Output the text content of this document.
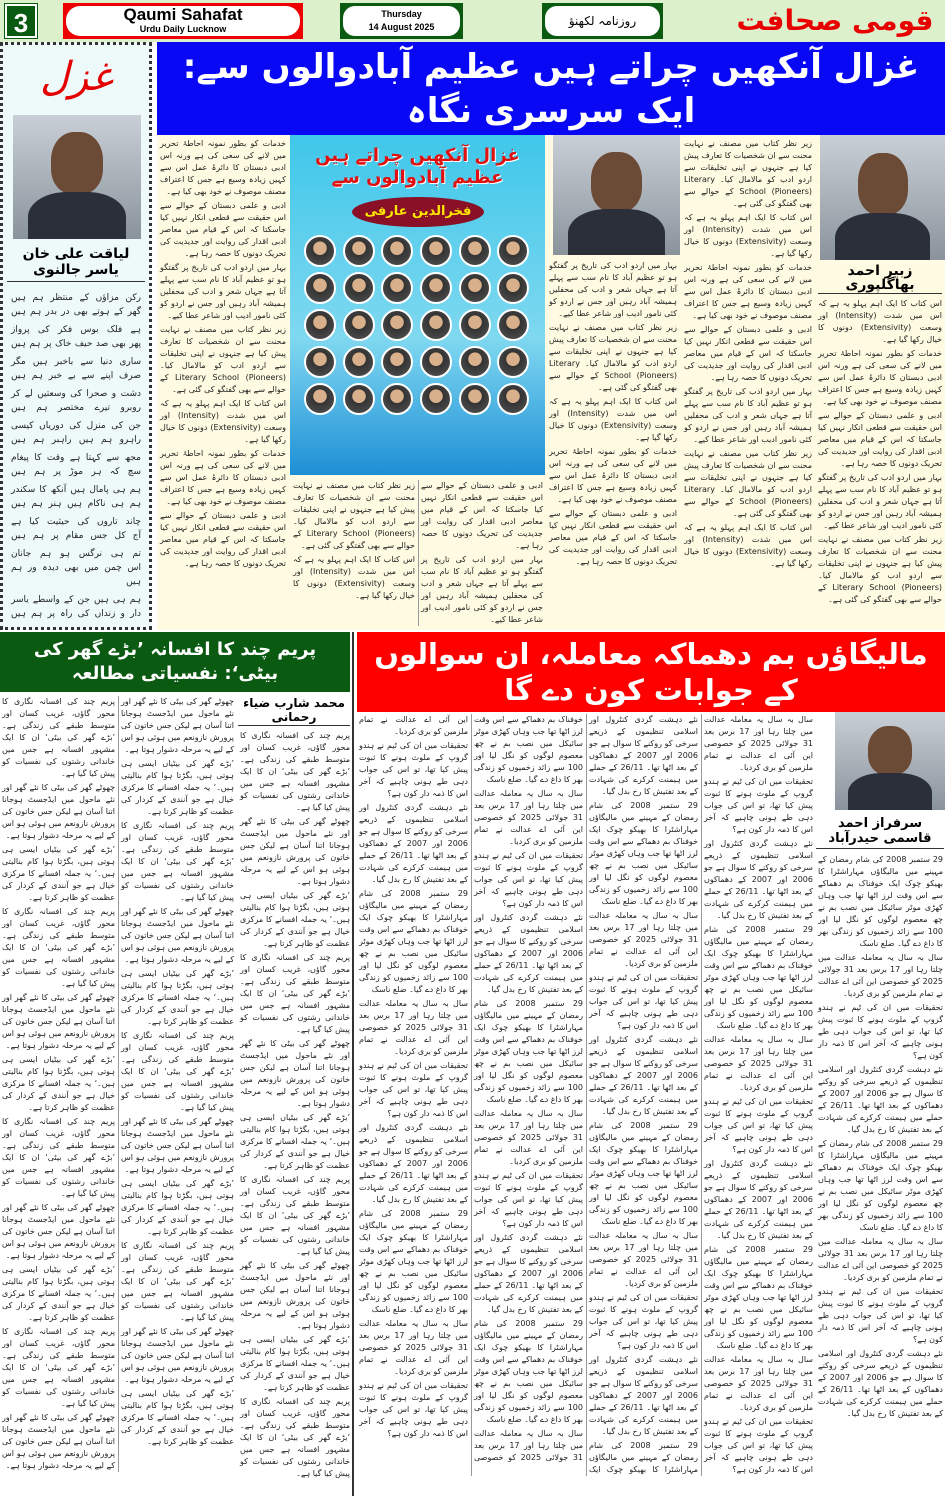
3	Qaumi Sahafat
Urdu Daily Lucknow
Thursday
14 August 2025	روزنامہ لکھنؤ	قومی صحافت
غزل
لیاقت علی خان یاسر جالنوی
رکن مزاؤں کے منتظر ہم ہیں
گھر کے ہوتے بھی در بدر ہم ہیں
ہے فلک بوس فکر کی پرواز
پھر بھی صد حیف خاک پر ہم ہیں
ساری دنیا سے باخبر ہیں مگر
صرف اپنے سے بے خبر ہم ہیں
دشت و صحرا کی وسعتیں لے کر
روبرو تیرے مختصر ہم ہیں
جن کی منزل کی دوریاں کیسی
راہرو ہم ہیں راہبر ہم ہیں
مجھ سے کہتا ہے وقت کا پیغام
سچ کہ ہر موڑ پر ہم ہیں
ہم ہی پامال ہیں آنکھ کا سکندر
ہم ہی ناکام ہیں ہنر ہم ہیں
چاند تاروں کی حیثیت کیا ہے
آج کل جس مقام پر ہم ہیں
تم ہی نرگس ہو ہم جانان
اس چمن میں بھی دیدہ ور ہم ہیں
ہم ہی ہیں جن کے واسطے یاسر
دار و زنداں کی راہ پر ہم ہیں
غزال آنکھیں چراتے ہیں عظیم آبادوالوں سے: ایک سرسری نگاہ

خدمات کو بطور نمونہ احاطۂ تحریر میں لانے کی سعی کی ہے ورنہ اس ادبی دبستان کا دائرۂ عمل اس سے کہیں زیادہ وسیع ہے جس کا اعتراف مصنف موصوف نے خود بھی کیا ہے۔

ادبی و علمی دبستان کے حوالے سے اس حقیقت سے قطعی انکار نہیں کیا جاسکتا کہ اس کے قیام میں معاصر ادبی اقدار کی روایت اور جدیدیت کی تحریک دونوں کا حصہ رہا ہے۔

بہار میں اردو ادب کی تاریخ پر گفتگو ہو تو عظیم آباد کا نام سب سے پہلے آتا ہے جہاں شعر و ادب کی محفلیں ہمیشہ آباد رہیں اور جس نے اردو کو کئی نامور ادیب اور شاعر عطا کیے۔

زیر نظر کتاب میں مصنف نے نہایت محنت سے ان شخصیات کا تعارف پیش کیا ہے جنہوں نے اپنی تخلیقات سے اردو ادب کو مالامال کیا۔ Literary School (Pioneers) کے حوالے سے بھی گفتگو کی گئی ہے۔

اس کتاب کا ایک اہم پہلو یہ ہے کہ اس میں شدت (Intensity) اور وسعت (Extensivity) دونوں کا خیال رکھا گیا ہے۔

خدمات کو بطور نمونہ احاطۂ تحریر میں لانے کی سعی کی ہے ورنہ اس ادبی دبستان کا دائرۂ عمل اس سے کہیں زیادہ وسیع ہے جس کا اعتراف مصنف موصوف نے خود بھی کیا ہے۔

ادبی و علمی دبستان کے حوالے سے اس حقیقت سے قطعی انکار نہیں کیا جاسکتا کہ اس کے قیام میں معاصر ادبی اقدار کی روایت اور جدیدیت کی تحریک دونوں کا حصہ رہا ہے۔

غزال آنکھیں چراتے ہیں عظیم آبادوالوں سے
فخرالدین عارفی

ادبی و علمی دبستان کے حوالے سے اس حقیقت سے قطعی انکار نہیں کیا جاسکتا کہ اس کے قیام میں معاصر ادبی اقدار کی روایت اور جدیدیت کی تحریک دونوں کا حصہ رہا ہے۔

بہار میں اردو ادب کی تاریخ پر گفتگو ہو تو عظیم آباد کا نام سب سے پہلے آتا ہے جہاں شعر و ادب کی محفلیں ہمیشہ آباد رہیں اور جس نے اردو کو کئی نامور ادیب اور شاعر عطا کیے۔

زیر نظر کتاب میں مصنف نے نہایت محنت سے ان شخصیات کا تعارف پیش کیا ہے جنہوں نے اپنی تخلیقات سے اردو ادب کو مالامال کیا۔ Literary School (Pioneers) کے حوالے سے بھی گفتگو کی گئی ہے۔

اس کتاب کا ایک اہم پہلو یہ ہے کہ اس میں شدت (Intensity) اور وسعت (Extensivity) دونوں کا خیال رکھا گیا ہے۔

بہار میں اردو ادب کی تاریخ پر گفتگو ہو تو عظیم آباد کا نام سب سے پہلے آتا ہے جہاں شعر و ادب کی محفلیں ہمیشہ آباد رہیں اور جس نے اردو کو کئی نامور ادیب اور شاعر عطا کیے۔

زیر نظر کتاب میں مصنف نے نہایت محنت سے ان شخصیات کا تعارف پیش کیا ہے جنہوں نے اپنی تخلیقات سے اردو ادب کو مالامال کیا۔ Literary School (Pioneers) کے حوالے سے بھی گفتگو کی گئی ہے۔

اس کتاب کا ایک اہم پہلو یہ ہے کہ اس میں شدت (Intensity) اور وسعت (Extensivity) دونوں کا خیال رکھا گیا ہے۔

خدمات کو بطور نمونہ احاطۂ تحریر میں لانے کی سعی کی ہے ورنہ اس ادبی دبستان کا دائرۂ عمل اس سے کہیں زیادہ وسیع ہے جس کا اعتراف مصنف موصوف نے خود بھی کیا ہے۔

ادبی و علمی دبستان کے حوالے سے اس حقیقت سے قطعی انکار نہیں کیا جاسکتا کہ اس کے قیام میں معاصر ادبی اقدار کی روایت اور جدیدیت کی تحریک دونوں کا حصہ رہا ہے۔

زیر نظر کتاب میں مصنف نے نہایت محنت سے ان شخصیات کا تعارف پیش کیا ہے جنہوں نے اپنی تخلیقات سے اردو ادب کو مالامال کیا۔ Literary School (Pioneers) کے حوالے سے بھی گفتگو کی گئی ہے۔

اس کتاب کا ایک اہم پہلو یہ ہے کہ اس میں شدت (Intensity) اور وسعت (Extensivity) دونوں کا خیال رکھا گیا ہے۔

خدمات کو بطور نمونہ احاطۂ تحریر میں لانے کی سعی کی ہے ورنہ اس ادبی دبستان کا دائرۂ عمل اس سے کہیں زیادہ وسیع ہے جس کا اعتراف مصنف موصوف نے خود بھی کیا ہے۔

ادبی و علمی دبستان کے حوالے سے اس حقیقت سے قطعی انکار نہیں کیا جاسکتا کہ اس کے قیام میں معاصر ادبی اقدار کی روایت اور جدیدیت کی تحریک دونوں کا حصہ رہا ہے۔

بہار میں اردو ادب کی تاریخ پر گفتگو ہو تو عظیم آباد کا نام سب سے پہلے آتا ہے جہاں شعر و ادب کی محفلیں ہمیشہ آباد رہیں اور جس نے اردو کو کئی نامور ادیب اور شاعر عطا کیے۔

زیر نظر کتاب میں مصنف نے نہایت محنت سے ان شخصیات کا تعارف پیش کیا ہے جنہوں نے اپنی تخلیقات سے اردو ادب کو مالامال کیا۔ Literary School (Pioneers) کے حوالے سے بھی گفتگو کی گئی ہے۔

اس کتاب کا ایک اہم پہلو یہ ہے کہ اس میں شدت (Intensity) اور وسعت (Extensivity) دونوں کا خیال رکھا گیا ہے۔

زبیر احمد بھاگلپوری

اس کتاب کا ایک اہم پہلو یہ ہے کہ اس میں شدت (Intensity) اور وسعت (Extensivity) دونوں کا خیال رکھا گیا ہے۔

خدمات کو بطور نمونہ احاطۂ تحریر میں لانے کی سعی کی ہے ورنہ اس ادبی دبستان کا دائرۂ عمل اس سے کہیں زیادہ وسیع ہے جس کا اعتراف مصنف موصوف نے خود بھی کیا ہے۔

ادبی و علمی دبستان کے حوالے سے اس حقیقت سے قطعی انکار نہیں کیا جاسکتا کہ اس کے قیام میں معاصر ادبی اقدار کی روایت اور جدیدیت کی تحریک دونوں کا حصہ رہا ہے۔

بہار میں اردو ادب کی تاریخ پر گفتگو ہو تو عظیم آباد کا نام سب سے پہلے آتا ہے جہاں شعر و ادب کی محفلیں ہمیشہ آباد رہیں اور جس نے اردو کو کئی نامور ادیب اور شاعر عطا کیے۔

زیر نظر کتاب میں مصنف نے نہایت محنت سے ان شخصیات کا تعارف پیش کیا ہے جنہوں نے اپنی تخلیقات سے اردو ادب کو مالامال کیا۔ Literary School (Pioneers) کے حوالے سے بھی گفتگو کی گئی ہے۔

پریم چند کا افسانہ ’بڑے گھر کی بیٹی‘: نفسیاتی مطالعہ
محمد شارب ضیاء رحمانی

پریم چند کی افسانہ نگاری کا محور گاؤں، غریب کسان اور متوسط طبقے کی زندگی ہے۔ ’بڑے گھر کی بیٹی‘ ان کا ایک مشہور افسانہ ہے جس میں خاندانی رشتوں کی نفسیات کو پیش کیا گیا ہے۔

چھوٹے گھر کی بیٹی کا نئے گھر اور نئے ماحول میں ایڈجسٹ ہوجانا اتنا آسان ہے لیکن جس خاتون کی پرورش نازونعم میں ہوئی ہو اس کے لیے یہ مرحلہ دشوار ہوتا ہے۔

’بڑے گھر کی بیٹیاں ایسی ہی ہوتی ہیں، بگڑتا ہوا کام بنالیتی ہیں۔‘ یہ جملہ افسانے کا مرکزی خیال ہے جو آنندی کے کردار کی عظمت کو ظاہر کرتا ہے۔

پریم چند کی افسانہ نگاری کا محور گاؤں، غریب کسان اور متوسط طبقے کی زندگی ہے۔ ’بڑے گھر کی بیٹی‘ ان کا ایک مشہور افسانہ ہے جس میں خاندانی رشتوں کی نفسیات کو پیش کیا گیا ہے۔

چھوٹے گھر کی بیٹی کا نئے گھر اور نئے ماحول میں ایڈجسٹ ہوجانا اتنا آسان ہے لیکن جس خاتون کی پرورش نازونعم میں ہوئی ہو اس کے لیے یہ مرحلہ دشوار ہوتا ہے۔

’بڑے گھر کی بیٹیاں ایسی ہی ہوتی ہیں، بگڑتا ہوا کام بنالیتی ہیں۔‘ یہ جملہ افسانے کا مرکزی خیال ہے جو آنندی کے کردار کی عظمت کو ظاہر کرتا ہے۔

پریم چند کی افسانہ نگاری کا محور گاؤں، غریب کسان اور متوسط طبقے کی زندگی ہے۔ ’بڑے گھر کی بیٹی‘ ان کا ایک مشہور افسانہ ہے جس میں خاندانی رشتوں کی نفسیات کو پیش کیا گیا ہے۔

چھوٹے گھر کی بیٹی کا نئے گھر اور نئے ماحول میں ایڈجسٹ ہوجانا اتنا آسان ہے لیکن جس خاتون کی پرورش نازونعم میں ہوئی ہو اس کے لیے یہ مرحلہ دشوار ہوتا ہے۔

’بڑے گھر کی بیٹیاں ایسی ہی ہوتی ہیں، بگڑتا ہوا کام بنالیتی ہیں۔‘ یہ جملہ افسانے کا مرکزی خیال ہے جو آنندی کے کردار کی عظمت کو ظاہر کرتا ہے۔

پریم چند کی افسانہ نگاری کا محور گاؤں، غریب کسان اور متوسط طبقے کی زندگی ہے۔ ’بڑے گھر کی بیٹی‘ ان کا ایک مشہور افسانہ ہے جس میں خاندانی رشتوں کی نفسیات کو پیش کیا گیا ہے۔

چھوٹے گھر کی بیٹی کا نئے گھر اور نئے ماحول میں ایڈجسٹ ہوجانا اتنا آسان ہے لیکن جس خاتون کی پرورش نازونعم میں ہوئی ہو اس کے لیے یہ مرحلہ دشوار ہوتا ہے۔

’بڑے گھر کی بیٹیاں ایسی ہی ہوتی ہیں، بگڑتا ہوا کام بنالیتی ہیں۔‘ یہ جملہ افسانے کا مرکزی خیال ہے جو آنندی کے کردار کی عظمت کو ظاہر کرتا ہے۔

پریم چند کی افسانہ نگاری کا محور گاؤں، غریب کسان اور متوسط طبقے کی زندگی ہے۔ ’بڑے گھر کی بیٹی‘ ان کا ایک مشہور افسانہ ہے جس میں خاندانی رشتوں کی نفسیات کو پیش کیا گیا ہے۔

چھوٹے گھر کی بیٹی کا نئے گھر اور نئے ماحول میں ایڈجسٹ ہوجانا اتنا آسان ہے لیکن جس خاتون کی پرورش نازونعم میں ہوئی ہو اس کے لیے یہ مرحلہ دشوار ہوتا ہے۔

’بڑے گھر کی بیٹیاں ایسی ہی ہوتی ہیں، بگڑتا ہوا کام بنالیتی ہیں۔‘ یہ جملہ افسانے کا مرکزی خیال ہے جو آنندی کے کردار کی عظمت کو ظاہر کرتا ہے۔

پریم چند کی افسانہ نگاری کا محور گاؤں، غریب کسان اور متوسط طبقے کی زندگی ہے۔ ’بڑے گھر کی بیٹی‘ ان کا ایک مشہور افسانہ ہے جس میں خاندانی رشتوں کی نفسیات کو پیش کیا گیا ہے۔

چھوٹے گھر کی بیٹی کا نئے گھر اور نئے ماحول میں ایڈجسٹ ہوجانا اتنا آسان ہے لیکن جس خاتون کی پرورش نازونعم میں ہوئی ہو اس کے لیے یہ مرحلہ دشوار ہوتا ہے۔

’بڑے گھر کی بیٹیاں ایسی ہی ہوتی ہیں، بگڑتا ہوا کام بنالیتی ہیں۔‘ یہ جملہ افسانے کا مرکزی خیال ہے جو آنندی کے کردار کی عظمت کو ظاہر کرتا ہے۔

پریم چند کی افسانہ نگاری کا محور گاؤں، غریب کسان اور متوسط طبقے کی زندگی ہے۔ ’بڑے گھر کی بیٹی‘ ان کا ایک مشہور افسانہ ہے جس میں خاندانی رشتوں کی نفسیات کو پیش کیا گیا ہے۔

چھوٹے گھر کی بیٹی کا نئے گھر اور نئے ماحول میں ایڈجسٹ ہوجانا اتنا آسان ہے لیکن جس خاتون کی پرورش نازونعم میں ہوئی ہو اس کے لیے یہ مرحلہ دشوار ہوتا ہے۔

’بڑے گھر کی بیٹیاں ایسی ہی ہوتی ہیں، بگڑتا ہوا کام بنالیتی ہیں۔‘ یہ جملہ افسانے کا مرکزی خیال ہے جو آنندی کے کردار کی عظمت کو ظاہر کرتا ہے۔

پریم چند کی افسانہ نگاری کا محور گاؤں، غریب کسان اور متوسط طبقے کی زندگی ہے۔ ’بڑے گھر کی بیٹی‘ ان کا ایک مشہور افسانہ ہے جس میں خاندانی رشتوں کی نفسیات کو پیش کیا گیا ہے۔

چھوٹے گھر کی بیٹی کا نئے گھر اور نئے ماحول میں ایڈجسٹ ہوجانا اتنا آسان ہے لیکن جس خاتون کی پرورش نازونعم میں ہوئی ہو اس کے لیے یہ مرحلہ دشوار ہوتا ہے۔

’بڑے گھر کی بیٹیاں ایسی ہی ہوتی ہیں، بگڑتا ہوا کام بنالیتی ہیں۔‘ یہ جملہ افسانے کا مرکزی خیال ہے جو آنندی کے کردار کی عظمت کو ظاہر کرتا ہے۔

پریم چند کی افسانہ نگاری کا محور گاؤں، غریب کسان اور متوسط طبقے کی زندگی ہے۔ ’بڑے گھر کی بیٹی‘ ان کا ایک مشہور افسانہ ہے جس میں خاندانی رشتوں کی نفسیات کو پیش کیا گیا ہے۔

چھوٹے گھر کی بیٹی کا نئے گھر اور نئے ماحول میں ایڈجسٹ ہوجانا اتنا آسان ہے لیکن جس خاتون کی پرورش نازونعم میں ہوئی ہو اس کے لیے یہ مرحلہ دشوار ہوتا ہے۔

’بڑے گھر کی بیٹیاں ایسی ہی ہوتی ہیں، بگڑتا ہوا کام بنالیتی ہیں۔‘ یہ جملہ افسانے کا مرکزی خیال ہے جو آنندی کے کردار کی عظمت کو ظاہر کرتا ہے۔

پریم چند کی افسانہ نگاری کا محور گاؤں، غریب کسان اور متوسط طبقے کی زندگی ہے۔ ’بڑے گھر کی بیٹی‘ ان کا ایک مشہور افسانہ ہے جس میں خاندانی رشتوں کی نفسیات کو پیش کیا گیا ہے۔

چھوٹے گھر کی بیٹی کا نئے گھر اور نئے ماحول میں ایڈجسٹ ہوجانا اتنا آسان ہے لیکن جس خاتون کی پرورش نازونعم میں ہوئی ہو اس کے لیے یہ مرحلہ دشوار ہوتا ہے۔

’بڑے گھر کی بیٹیاں ایسی ہی ہوتی ہیں، بگڑتا ہوا کام بنالیتی ہیں۔‘ یہ جملہ افسانے کا مرکزی خیال ہے جو آنندی کے کردار کی عظمت کو ظاہر کرتا ہے۔

پریم چند کی افسانہ نگاری کا محور گاؤں، غریب کسان اور متوسط طبقے کی زندگی ہے۔ ’بڑے گھر کی بیٹی‘ ان کا ایک مشہور افسانہ ہے جس میں خاندانی رشتوں کی نفسیات کو پیش کیا گیا ہے۔

چھوٹے گھر کی بیٹی کا نئے گھر اور نئے ماحول میں ایڈجسٹ ہوجانا اتنا آسان ہے لیکن جس خاتون کی پرورش نازونعم میں ہوئی ہو اس کے لیے یہ مرحلہ دشوار ہوتا ہے۔

مالیگاؤں بم دھماکہ معاملہ، ان سوالوں کے جوابات کون دے گا
سرفراز احمد قاسمی حیدرآباد

29 ستمبر 2008 کی شام رمضان کے مہینے میں مالیگاؤں مہاراشٹرا کا بھیکو چوک ایک خوفناک بم دھماکے سے اس وقت لرز اٹھا تھا جب وہاں کھڑی موٹر سائیکل میں نصب بم نے چھ معصوم لوگوں کو نگل لیا اور 100 سے زائد زخمیوں کو زندگی بھر کا داغ دے گیا۔ ضلع ناسک

سال بہ سال یہ معاملہ عدالت میں چلتا رہا اور 17 برس بعد 31 جولائی 2025 کو خصوصی این آئی اے عدالت نے تمام ملزمین کو بری کردیا۔

تحقیقات میں ان کی ٹیم نے ہندو گروپ کے ملوث ہونے کا ثبوت پیش کیا تھا، تو اس کی جواب دہی طے ہونی چاہیے کہ آخر اس کا ذمہ دار کون ہے؟

نئے دہشت گردی کنٹرول اور اسلامی تنظیموں کے ذریعے سرخی کو روکنے کا سوال ہے جو 2006 اور 2007 کے دھماکوں کے بعد اٹھا تھا۔ 26/11 کے حملے میں ہیمنت کرکرے کی شہادت کے بعد تفتیش کا رخ بدل گیا۔

29 ستمبر 2008 کی شام رمضان کے مہینے میں مالیگاؤں مہاراشٹرا کا بھیکو چوک ایک خوفناک بم دھماکے سے اس وقت لرز اٹھا تھا جب وہاں کھڑی موٹر سائیکل میں نصب بم نے چھ معصوم لوگوں کو نگل لیا اور 100 سے زائد زخمیوں کو زندگی بھر کا داغ دے گیا۔ ضلع ناسک

سال بہ سال یہ معاملہ عدالت میں چلتا رہا اور 17 برس بعد 31 جولائی 2025 کو خصوصی این آئی اے عدالت نے تمام ملزمین کو بری کردیا۔

تحقیقات میں ان کی ٹیم نے ہندو گروپ کے ملوث ہونے کا ثبوت پیش کیا تھا، تو اس کی جواب دہی طے ہونی چاہیے کہ آخر اس کا ذمہ دار کون ہے؟

نئے دہشت گردی کنٹرول اور اسلامی تنظیموں کے ذریعے سرخی کو روکنے کا سوال ہے جو 2006 اور 2007 کے دھماکوں کے بعد اٹھا تھا۔ 26/11 کے حملے میں ہیمنت کرکرے کی شہادت کے بعد تفتیش کا رخ بدل گیا۔

سال بہ سال یہ معاملہ عدالت میں چلتا رہا اور 17 برس بعد 31 جولائی 2025 کو خصوصی این آئی اے عدالت نے تمام ملزمین کو بری کردیا۔

تحقیقات میں ان کی ٹیم نے ہندو گروپ کے ملوث ہونے کا ثبوت پیش کیا تھا، تو اس کی جواب دہی طے ہونی چاہیے کہ آخر اس کا ذمہ دار کون ہے؟

نئے دہشت گردی کنٹرول اور اسلامی تنظیموں کے ذریعے سرخی کو روکنے کا سوال ہے جو 2006 اور 2007 کے دھماکوں کے بعد اٹھا تھا۔ 26/11 کے حملے میں ہیمنت کرکرے کی شہادت کے بعد تفتیش کا رخ بدل گیا۔

29 ستمبر 2008 کی شام رمضان کے مہینے میں مالیگاؤں مہاراشٹرا کا بھیکو چوک ایک خوفناک بم دھماکے سے اس وقت لرز اٹھا تھا جب وہاں کھڑی موٹر سائیکل میں نصب بم نے چھ معصوم لوگوں کو نگل لیا اور 100 سے زائد زخمیوں کو زندگی بھر کا داغ دے گیا۔ ضلع ناسک

سال بہ سال یہ معاملہ عدالت میں چلتا رہا اور 17 برس بعد 31 جولائی 2025 کو خصوصی این آئی اے عدالت نے تمام ملزمین کو بری کردیا۔

تحقیقات میں ان کی ٹیم نے ہندو گروپ کے ملوث ہونے کا ثبوت پیش کیا تھا، تو اس کی جواب دہی طے ہونی چاہیے کہ آخر اس کا ذمہ دار کون ہے؟

نئے دہشت گردی کنٹرول اور اسلامی تنظیموں کے ذریعے سرخی کو روکنے کا سوال ہے جو 2006 اور 2007 کے دھماکوں کے بعد اٹھا تھا۔ 26/11 کے حملے میں ہیمنت کرکرے کی شہادت کے بعد تفتیش کا رخ بدل گیا۔

29 ستمبر 2008 کی شام رمضان کے مہینے میں مالیگاؤں مہاراشٹرا کا بھیکو چوک ایک خوفناک بم دھماکے سے اس وقت لرز اٹھا تھا جب وہاں کھڑی موٹر سائیکل میں نصب بم نے چھ معصوم لوگوں کو نگل لیا اور 100 سے زائد زخمیوں کو زندگی بھر کا داغ دے گیا۔ ضلع ناسک

سال بہ سال یہ معاملہ عدالت میں چلتا رہا اور 17 برس بعد 31 جولائی 2025 کو خصوصی این آئی اے عدالت نے تمام ملزمین کو بری کردیا۔

تحقیقات میں ان کی ٹیم نے ہندو گروپ کے ملوث ہونے کا ثبوت پیش کیا تھا، تو اس کی جواب دہی طے ہونی چاہیے کہ آخر اس کا ذمہ دار کون ہے؟

نئے دہشت گردی کنٹرول اور اسلامی تنظیموں کے ذریعے سرخی کو روکنے کا سوال ہے جو 2006 اور 2007 کے دھماکوں کے بعد اٹھا تھا۔ 26/11 کے حملے میں ہیمنت کرکرے کی شہادت کے بعد تفتیش کا رخ بدل گیا۔

29 ستمبر 2008 کی شام رمضان کے مہینے میں مالیگاؤں مہاراشٹرا کا بھیکو چوک ایک خوفناک بم دھماکے سے اس وقت لرز اٹھا تھا جب وہاں کھڑی موٹر سائیکل میں نصب بم نے چھ معصوم لوگوں کو نگل لیا اور 100 سے زائد زخمیوں کو زندگی بھر کا داغ دے گیا۔ ضلع ناسک

سال بہ سال یہ معاملہ عدالت میں چلتا رہا اور 17 برس بعد 31 جولائی 2025 کو خصوصی این آئی اے عدالت نے تمام ملزمین کو بری کردیا۔

تحقیقات میں ان کی ٹیم نے ہندو گروپ کے ملوث ہونے کا ثبوت پیش کیا تھا، تو اس کی جواب دہی طے ہونی چاہیے کہ آخر اس کا ذمہ دار کون ہے؟

نئے دہشت گردی کنٹرول اور اسلامی تنظیموں کے ذریعے سرخی کو روکنے کا سوال ہے جو 2006 اور 2007 کے دھماکوں کے بعد اٹھا تھا۔ 26/11 کے حملے میں ہیمنت کرکرے کی شہادت کے بعد تفتیش کا رخ بدل گیا۔

29 ستمبر 2008 کی شام رمضان کے مہینے میں مالیگاؤں مہاراشٹرا کا بھیکو چوک ایک خوفناک بم دھماکے سے اس وقت لرز اٹھا تھا جب وہاں کھڑی موٹر سائیکل میں نصب بم نے چھ معصوم لوگوں کو نگل لیا اور 100 سے زائد زخمیوں کو زندگی بھر کا داغ دے گیا۔ ضلع ناسک

سال بہ سال یہ معاملہ عدالت میں چلتا رہا اور 17 برس بعد 31 جولائی 2025 کو خصوصی این آئی اے عدالت نے تمام ملزمین کو بری کردیا۔

تحقیقات میں ان کی ٹیم نے ہندو گروپ کے ملوث ہونے کا ثبوت پیش کیا تھا، تو اس کی جواب دہی طے ہونی چاہیے کہ آخر اس کا ذمہ دار کون ہے؟

نئے دہشت گردی کنٹرول اور اسلامی تنظیموں کے ذریعے سرخی کو روکنے کا سوال ہے جو 2006 اور 2007 کے دھماکوں کے بعد اٹھا تھا۔ 26/11 کے حملے میں ہیمنت کرکرے کی شہادت کے بعد تفتیش کا رخ بدل گیا۔

29 ستمبر 2008 کی شام رمضان کے مہینے میں مالیگاؤں مہاراشٹرا کا بھیکو چوک ایک خوفناک بم دھماکے سے اس وقت لرز اٹھا تھا جب وہاں کھڑی موٹر سائیکل میں نصب بم نے چھ معصوم لوگوں کو نگل لیا اور 100 سے زائد زخمیوں کو زندگی بھر کا داغ دے گیا۔ ضلع ناسک

سال بہ سال یہ معاملہ عدالت میں چلتا رہا اور 17 برس بعد 31 جولائی 2025 کو خصوصی این آئی اے عدالت نے تمام ملزمین کو بری کردیا۔

تحقیقات میں ان کی ٹیم نے ہندو گروپ کے ملوث ہونے کا ثبوت پیش کیا تھا، تو اس کی جواب دہی طے ہونی چاہیے کہ آخر اس کا ذمہ دار کون ہے؟

نئے دہشت گردی کنٹرول اور اسلامی تنظیموں کے ذریعے سرخی کو روکنے کا سوال ہے جو 2006 اور 2007 کے دھماکوں کے بعد اٹھا تھا۔ 26/11 کے حملے میں ہیمنت کرکرے کی شہادت کے بعد تفتیش کا رخ بدل گیا۔

29 ستمبر 2008 کی شام رمضان کے مہینے میں مالیگاؤں مہاراشٹرا کا بھیکو چوک ایک خوفناک بم دھماکے سے اس وقت لرز اٹھا تھا جب وہاں کھڑی موٹر سائیکل میں نصب بم نے چھ معصوم لوگوں کو نگل لیا اور 100 سے زائد زخمیوں کو زندگی بھر کا داغ دے گیا۔ ضلع ناسک

سال بہ سال یہ معاملہ عدالت میں چلتا رہا اور 17 برس بعد 31 جولائی 2025 کو خصوصی این آئی اے عدالت نے تمام ملزمین کو بری کردیا۔

تحقیقات میں ان کی ٹیم نے ہندو گروپ کے ملوث ہونے کا ثبوت پیش کیا تھا، تو اس کی جواب دہی طے ہونی چاہیے کہ آخر اس کا ذمہ دار کون ہے؟

نئے دہشت گردی کنٹرول اور اسلامی تنظیموں کے ذریعے سرخی کو روکنے کا سوال ہے جو 2006 اور 2007 کے دھماکوں کے بعد اٹھا تھا۔ 26/11 کے حملے میں ہیمنت کرکرے کی شہادت کے بعد تفتیش کا رخ بدل گیا۔

29 ستمبر 2008 کی شام رمضان کے مہینے میں مالیگاؤں مہاراشٹرا کا بھیکو چوک ایک خوفناک بم دھماکے سے اس وقت لرز اٹھا تھا جب وہاں کھڑی موٹر سائیکل میں نصب بم نے چھ معصوم لوگوں کو نگل لیا اور 100 سے زائد زخمیوں کو زندگی بھر کا داغ دے گیا۔ ضلع ناسک

سال بہ سال یہ معاملہ عدالت میں چلتا رہا اور 17 برس بعد 31 جولائی 2025 کو خصوصی این آئی اے عدالت نے تمام ملزمین کو بری کردیا۔

تحقیقات میں ان کی ٹیم نے ہندو گروپ کے ملوث ہونے کا ثبوت پیش کیا تھا، تو اس کی جواب دہی طے ہونی چاہیے کہ آخر اس کا ذمہ دار کون ہے؟

نئے دہشت گردی کنٹرول اور اسلامی تنظیموں کے ذریعے سرخی کو روکنے کا سوال ہے جو 2006 اور 2007 کے دھماکوں کے بعد اٹھا تھا۔ 26/11 کے حملے میں ہیمنت کرکرے کی شہادت کے بعد تفتیش کا رخ بدل گیا۔

29 ستمبر 2008 کی شام رمضان کے مہینے میں مالیگاؤں مہاراشٹرا کا بھیکو چوک ایک خوفناک بم دھماکے سے اس وقت لرز اٹھا تھا جب وہاں کھڑی موٹر سائیکل میں نصب بم نے چھ معصوم لوگوں کو نگل لیا اور 100 سے زائد زخمیوں کو زندگی بھر کا داغ دے گیا۔ ضلع ناسک

سال بہ سال یہ معاملہ عدالت میں چلتا رہا اور 17 برس بعد 31 جولائی 2025 کو خصوصی این آئی اے عدالت نے تمام ملزمین کو بری کردیا۔

تحقیقات میں ان کی ٹیم نے ہندو گروپ کے ملوث ہونے کا ثبوت پیش کیا تھا، تو اس کی جواب دہی طے ہونی چاہیے کہ آخر اس کا ذمہ دار کون ہے؟

نئے دہشت گردی کنٹرول اور اسلامی تنظیموں کے ذریعے سرخی کو روکنے کا سوال ہے جو 2006 اور 2007 کے دھماکوں کے بعد اٹھا تھا۔ 26/11 کے حملے میں ہیمنت کرکرے کی شہادت کے بعد تفتیش کا رخ بدل گیا۔

29 ستمبر 2008 کی شام رمضان کے مہینے میں مالیگاؤں مہاراشٹرا کا بھیکو چوک ایک خوفناک بم دھماکے سے اس وقت لرز اٹھا تھا جب وہاں کھڑی موٹر سائیکل میں نصب بم نے چھ معصوم لوگوں کو نگل لیا اور 100 سے زائد زخمیوں کو زندگی بھر کا داغ دے گیا۔ ضلع ناسک

سال بہ سال یہ معاملہ عدالت میں چلتا رہا اور 17 برس بعد 31 جولائی 2025 کو خصوصی این آئی اے عدالت نے تمام ملزمین کو بری کردیا۔

تحقیقات میں ان کی ٹیم نے ہندو گروپ کے ملوث ہونے کا ثبوت پیش کیا تھا، تو اس کی جواب دہی طے ہونی چاہیے کہ آخر اس کا ذمہ دار کون ہے؟
